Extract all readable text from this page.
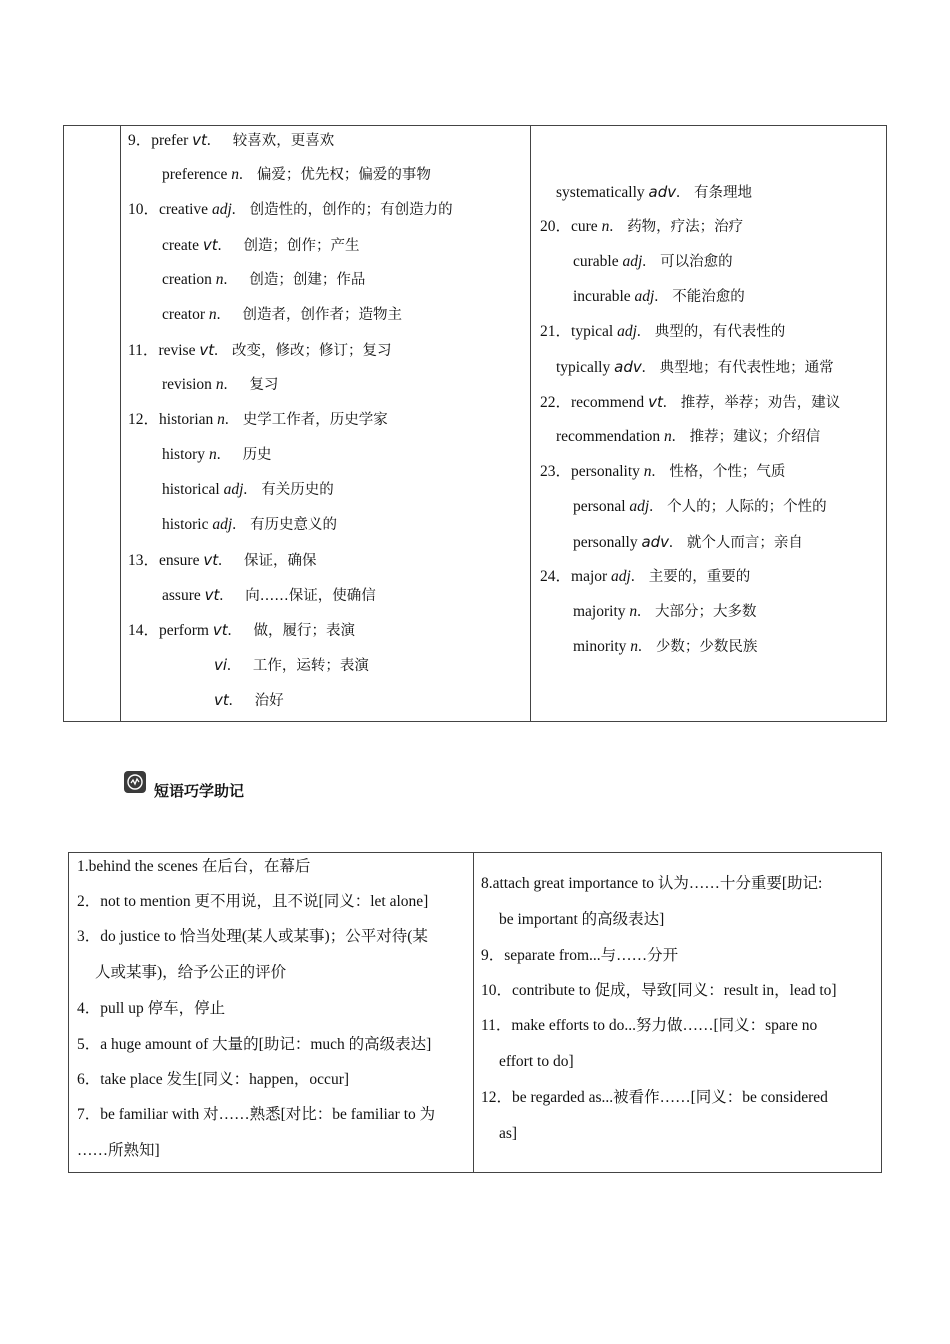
9．prefer vt. 较喜欢，更喜欢
preference n. 偏爱；优先权；偏爱的事物
10．creative adj. 创造性的，创作的；有创造力的
create vt. 创造；创作；产生
creation n. 创造；创建；作品
creator n. 创造者，创作者；造物主
11．revise vt. 改变，修改；修订；复习
revision n. 复习
12．historian n. 史学工作者，历史学家
history n. 历史
historical adj. 有关历史的
historic adj. 有历史意义的
13．ensure vt. 保证，确保
assure vt. 向……保证，使确信
14．perform vt. 做，履行；表演
vi. 工作，运转；表演
vt. 治好
systematically adv. 有条理地
20．cure n. 药物，疗法；治疗
curable adj. 可以治愈的
incurable adj. 不能治愈的
21．typical adj. 典型的，有代表性的
typically adv. 典型地；有代表性地；通常
22．recommend vt. 推荐，举荐；劝告，建议
recommendation n. 推荐；建议；介绍信
23．personality n. 性格，个性；气质
personal adj. 个人的；人际的；个性的
personally adv. 就个人而言；亲自
24．major adj. 主要的，重要的
majority n. 大部分；大多数
minority n. 少数；少数民族
短语巧学助记
1.behind the scenes 在后台，在幕后
2．not to mention 更不用说，且不说[同义：let alone]
3．do justice to 恰当处理(某人或某事)；公平对待(某
人或某事)，给予公正的评价
4．pull up 停车，停止
5．a huge amount of 大量的[助记：much 的高级表达]
6．take place 发生[同义：happen，occur]
7．be familiar with 对……熟悉[对比：be familiar to 为
……所熟知]
8.attach great importance to 认为……十分重要[助记:
be important 的高级表达]
9．separate from...与……分开
10．contribute to 促成，导致[同义：result in，lead to]
11．make efforts to do...努力做……[同义：spare no
effort to do]
12．be regarded as...被看作……[同义：be considered
as]
